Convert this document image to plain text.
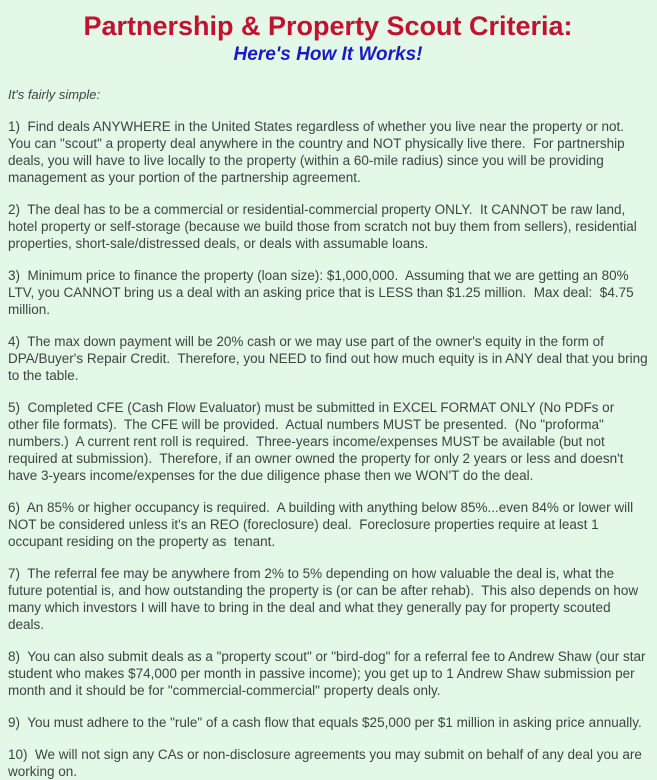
Partnership & Property Scout Criteria:
Here's How It Works!
It's fairly simple:
1)  Find deals ANYWHERE in the United States regardless of whether you live near the property or not.  You can "scout" a property deal anywhere in the country and NOT physically live there.  For partnership deals, you will have to live locally to the property (within a 60-mile radius) since you will be providing management as your portion of the partnership agreement.
2)  The deal has to be a commercial or residential-commercial property ONLY.  It CANNOT be raw land, hotel property or self-storage (because we build those from scratch not buy them from sellers), residential properties, short-sale/distressed deals, or deals with assumable loans.
3)  Minimum price to finance the property (loan size): $1,000,000.  Assuming that we are getting an 80% LTV, you CANNOT bring us a deal with an asking price that is LESS than $1.25 million.  Max deal:  $4.75 million.
4)  The max down payment will be 20% cash or we may use part of the owner's equity in the form of DPA/Buyer's Repair Credit.  Therefore, you NEED to find out how much equity is in ANY deal that you bring to the table.
5)  Completed CFE (Cash Flow Evaluator) must be submitted in EXCEL FORMAT ONLY (No PDFs or other file formats).  The CFE will be provided.  Actual numbers MUST be presented.  (No "proforma" numbers.)  A current rent roll is required.  Three-years income/expenses MUST be available (but not required at submission).  Therefore, if an owner owned the property for only 2 years or less and doesn't have 3-years income/expenses for the due diligence phase then we WON'T do the deal.
6)  An 85% or higher occupancy is required.  A building with anything below 85%...even 84% or lower will NOT be considered unless it's an REO (foreclosure) deal.  Foreclosure properties require at least 1 occupant residing on the property as  tenant.
7)  The referral fee may be anywhere from 2% to 5% depending on how valuable the deal is, what the future potential is, and how outstanding the property is (or can be after rehab).  This also depends on how many which investors I will have to bring in the deal and what they generally pay for property scouted deals.
8)  You can also submit deals as a "property scout" or "bird-dog" for a referral fee to Andrew Shaw (our star student who makes $74,000 per month in passive income); you get up to 1 Andrew Shaw submission per month and it should be for "commercial-commercial" property deals only.
9)  You must adhere to the "rule" of a cash flow that equals $25,000 per $1 million in asking price annually.
10)  We will not sign any CAs or non-disclosure agreements you may submit on behalf of any deal you are working on.
